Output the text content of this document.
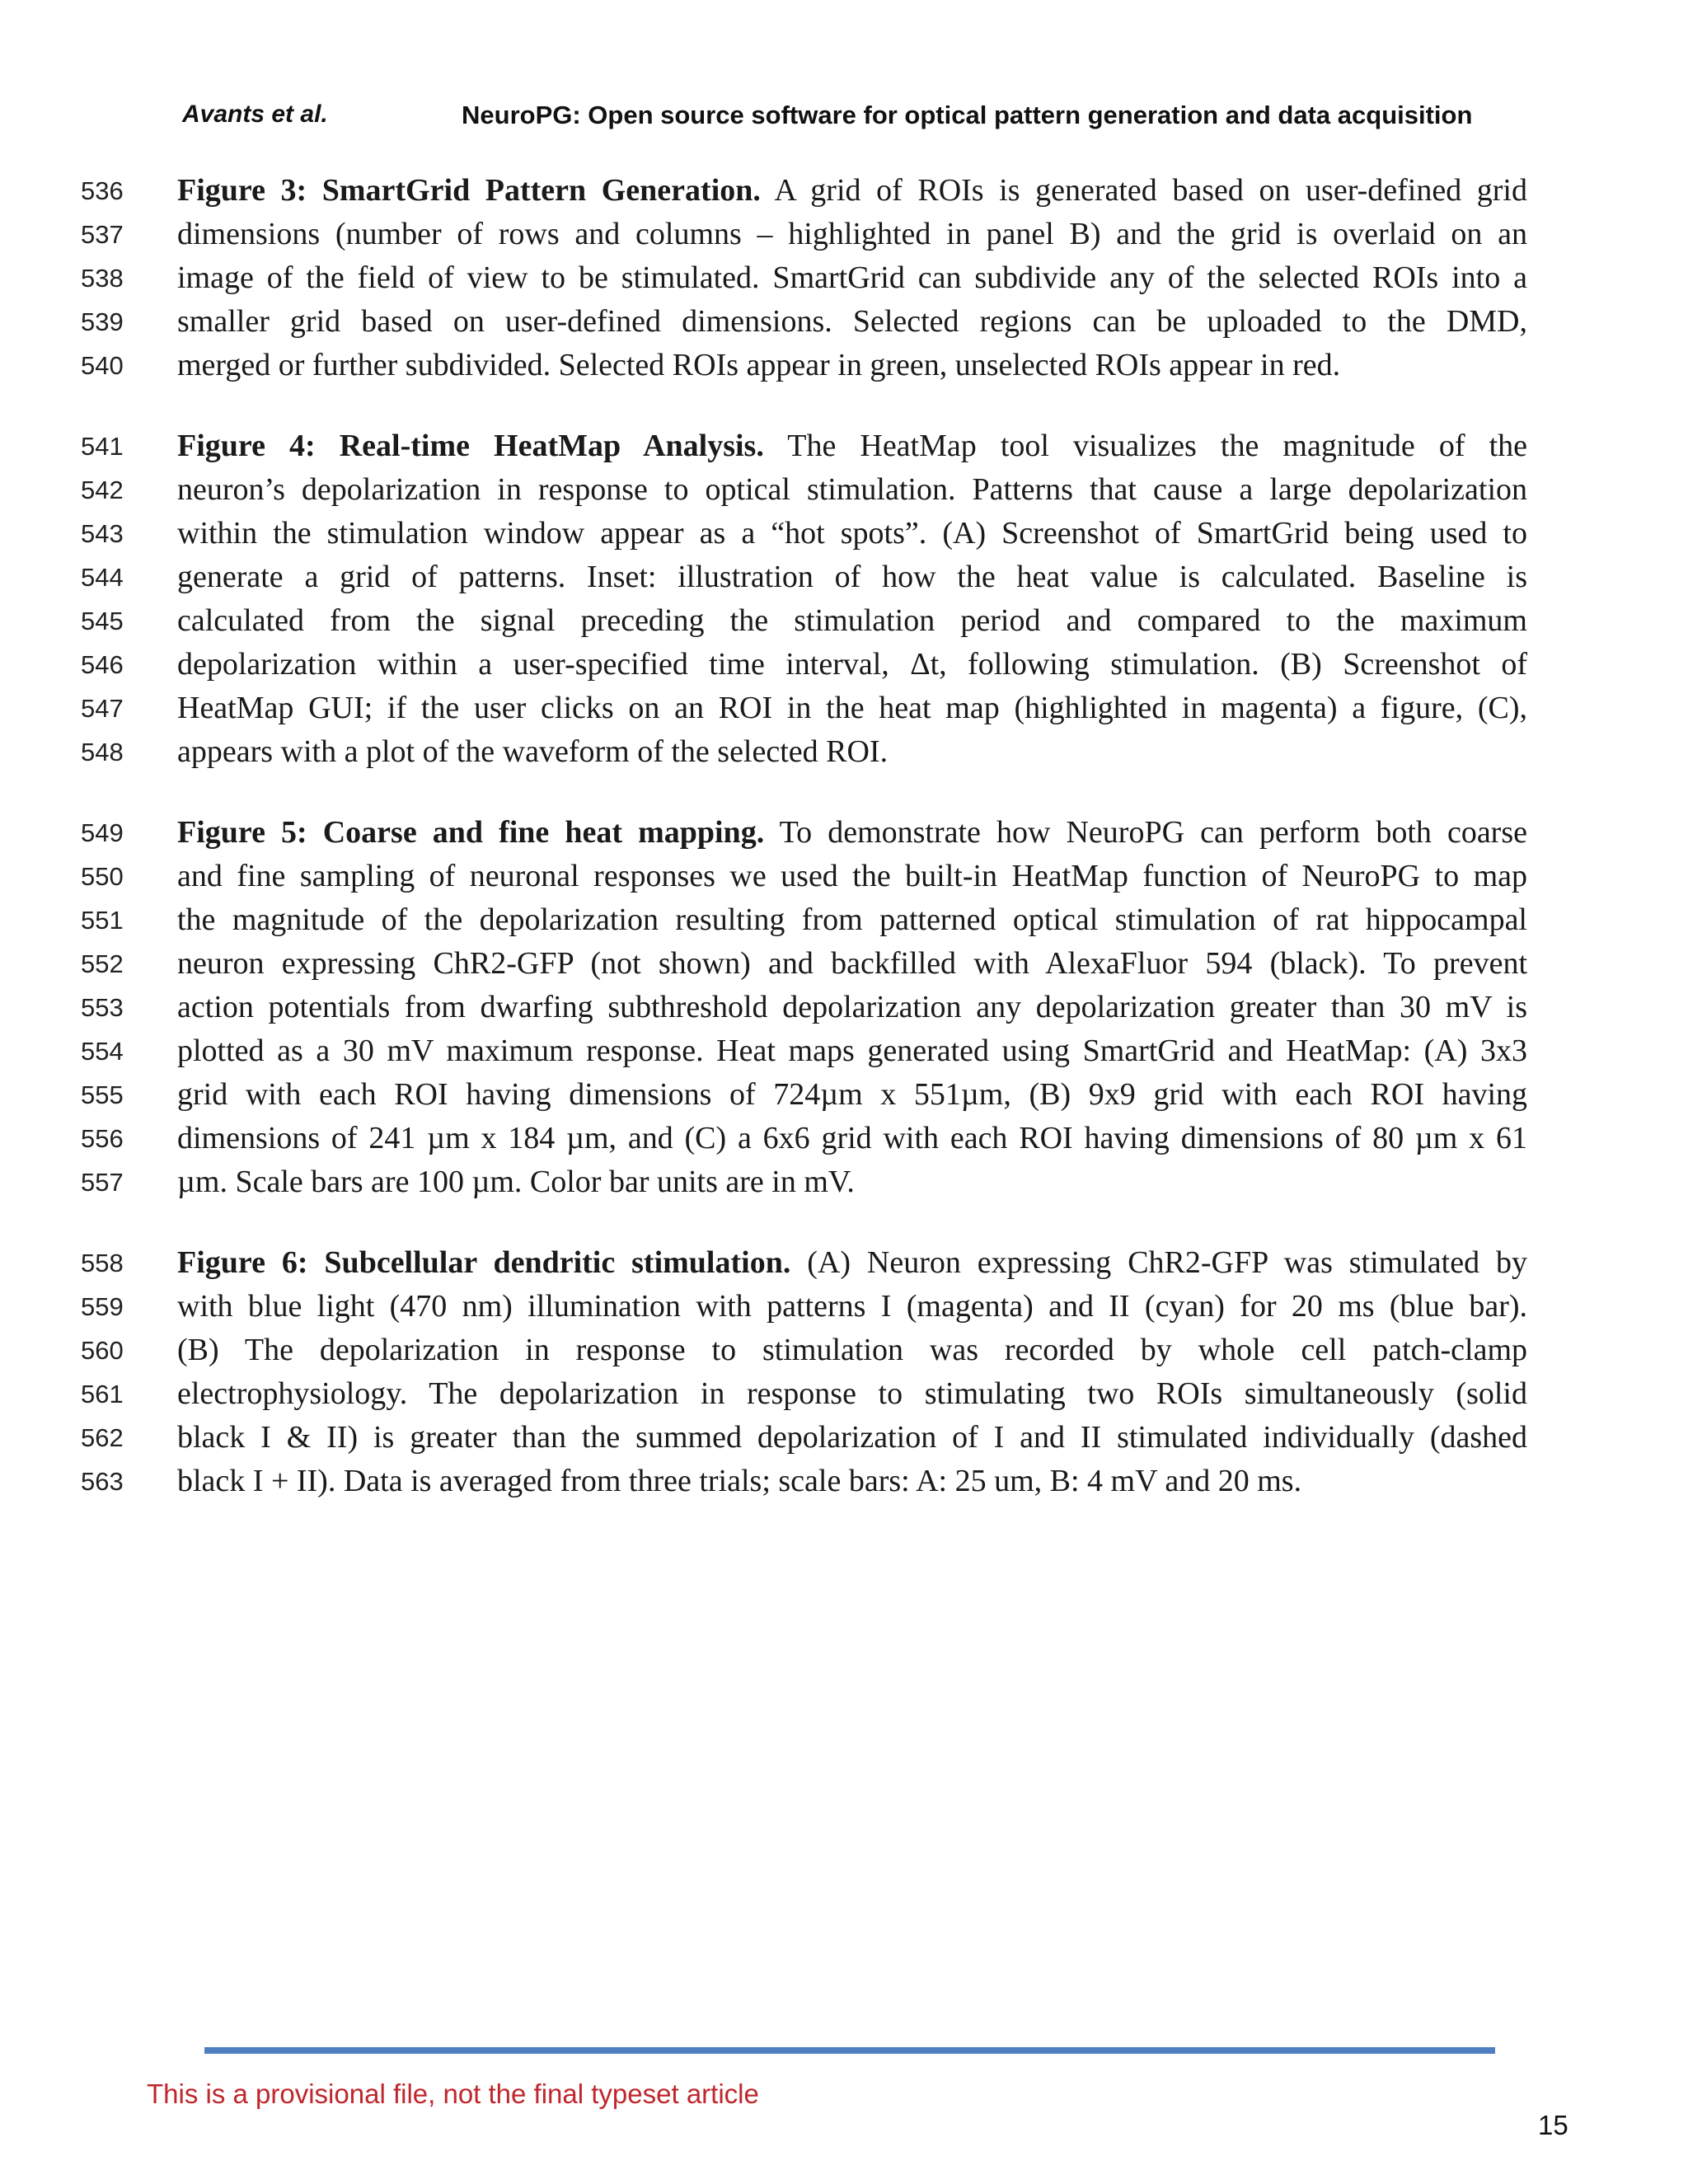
Avants et al.	NeuroPG: Open source software for optical pattern generation and data acquisition
536 Figure 3: SmartGrid Pattern Generation. A grid of ROIs is generated based on user-defined grid
537 dimensions (number of rows and columns – highlighted in panel B) and the grid is overlaid on an
538 image of the field of view to be stimulated. SmartGrid can subdivide any of the selected ROIs into a
539 smaller grid based on user-defined dimensions. Selected regions can be uploaded to the DMD,
540 merged or further subdivided. Selected ROIs appear in green, unselected ROIs appear in red.
541 Figure 4: Real-time HeatMap Analysis. The HeatMap tool visualizes the magnitude of the
542 neuron’s depolarization in response to optical stimulation. Patterns that cause a large depolarization
543 within the stimulation window appear as a “hot spots”. (A) Screenshot of SmartGrid being used to
544 generate a grid of patterns. Inset: illustration of how the heat value is calculated. Baseline is
545 calculated from the signal preceding the stimulation period and compared to the maximum
546 depolarization within a user-specified time interval, Δt, following stimulation. (B) Screenshot of
547 HeatMap GUI; if the user clicks on an ROI in the heat map (highlighted in magenta) a figure, (C),
548 appears with a plot of the waveform of the selected ROI.
549 Figure 5: Coarse and fine heat mapping. To demonstrate how NeuroPG can perform both coarse
550 and fine sampling of neuronal responses we used the built-in HeatMap function of NeuroPG to map
551 the magnitude of the depolarization resulting from patterned optical stimulation of rat hippocampal
552 neuron expressing ChR2-GFP (not shown) and backfilled with AlexaFluor 594 (black). To prevent
553 action potentials from dwarfing subthreshold depolarization any depolarization greater than 30 mV is
554 plotted as a 30 mV maximum response. Heat maps generated using SmartGrid and HeatMap: (A) 3x3
555 grid with each ROI having dimensions of 724µm x 551µm, (B) 9x9 grid with each ROI having
556 dimensions of 241 µm x 184 µm, and (C) a 6x6 grid with each ROI having dimensions of 80 µm x 61
557 µm. Scale bars are 100 µm. Color bar units are in mV.
558 Figure 6: Subcellular dendritic stimulation. (A) Neuron expressing ChR2-GFP was stimulated by
559 with blue light (470 nm) illumination with patterns I (magenta) and II (cyan) for 20 ms (blue bar).
560 (B) The depolarization in response to stimulation was recorded by whole cell patch-clamp
561 electrophysiology. The depolarization in response to stimulating two ROIs simultaneously (solid
562 black I & II) is greater than the summed depolarization of I and II stimulated individually (dashed
563 black I + II). Data is averaged from three trials; scale bars: A: 25 um, B: 4 mV and 20 ms.
This is a provisional file, not the final typeset article
15
